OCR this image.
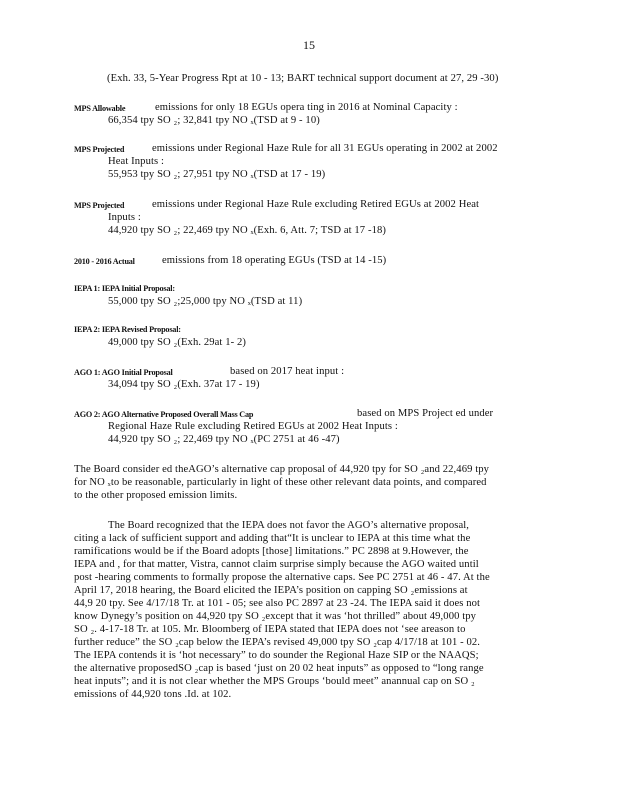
15
(Exh. 33, 5-Year Progress Rpt at 10 - 13; BART technical support document at 27, 29 -30)
MPS Allowable	emissions for only 18 EGUs opera ting in 2016 at Nominal Capacity :
66,354 tpy SO ₂; 32,841 tpy NO ₓ(TSD at 9 - 10)
MPS Projected	emissions under Regional Haze Rule for all 31 EGUs operating in 2002 at 2002
Heat Inputs :
55,953 tpy SO ₂; 27,951 tpy NO ₓ(TSD at 17 - 19)
MPS Projected	emissions under Regional Haze Rule excluding Retired EGUs at 2002 Heat
Inputs :
44,920 tpy SO ₂; 22,469 tpy NO ₓ(Exh. 6, Att. 7; TSD at 17 -18)
2010 - 2016 Actual	emissions from 18 operating EGUs (TSD at 14 -15)
IEPA 1: IEPA Initial Proposal:
55,000 tpy SO ₂;25,000 tpy NO ₓ(TSD at 11)
IEPA 2: IEPA Revised Proposal:
49,000 tpy SO ₂(Exh. 29at 1- 2)
AGO 1: AGO Initial Proposal	based on 2017 heat input :
34,094 tpy SO ₂(Exh. 37at 17 - 19)
AGO 2: AGO Alternative Proposed Overall Mass Cap	based on MPS Project ed under
Regional Haze Rule excluding Retired EGUs at 2002 Heat Inputs :
44,920 tpy SO ₂; 22,469 tpy NO ₓ(PC 2751 at 46 -47)
The Board consider ed theAGO’s alternative cap proposal of 44,920 tpy for SO ₂and 22,469 tpy
for NO ₓto be reasonable, particularly in light of these other relevant data points, and compared
to the other proposed emission limits.
The Board recognized that the IEPA does not favor the AGO’s alternative proposal,
citing a lack of sufficient support and adding that“It is unclear to IEPA at this time what the
ramifications would be if the Board adopts [those] limitations.” PC 2898 at 9.However, the
IEPA and , for that matter, Vistra, cannot claim surprise simply because the AGO waited until
post -hearing comments to formally propose the alternative caps. See PC 2751 at 46 - 47. At the
April 17, 2018 hearing, the Board elicited the IEPA’s position on capping SO ₂emissions at
44,9 20 tpy. See 4/17/18 Tr. at 101 - 05; see also PC 2897 at 23 -24. The IEPA said it does not
know Dynegy’s position on 44,920 tpy SO ₂except that it was ‘hot thrilled” about 49,000 tpy
SO ₂. 4-17-18 Tr. at 105. Mr. Bloomberg of IEPA stated that IEPA does not ‘see areason to
further reduce” the SO ₂cap below the IEPA’s revised 49,000 tpy SO ₂cap 4/17/18 at 101 - 02.
The IEPA contends it is ‘hot necessary” to do sounder the Regional Haze SIP or the NAAQS;
the alternative proposedSO ₂cap is based ‘just on 20 02 heat inputs” as opposed to “long range
heat inputs”; and it is not clear whether the MPS Groups ‘bould meet” anannual cap on SO ₂
emissions of 44,920 tons .Id. at 102.
